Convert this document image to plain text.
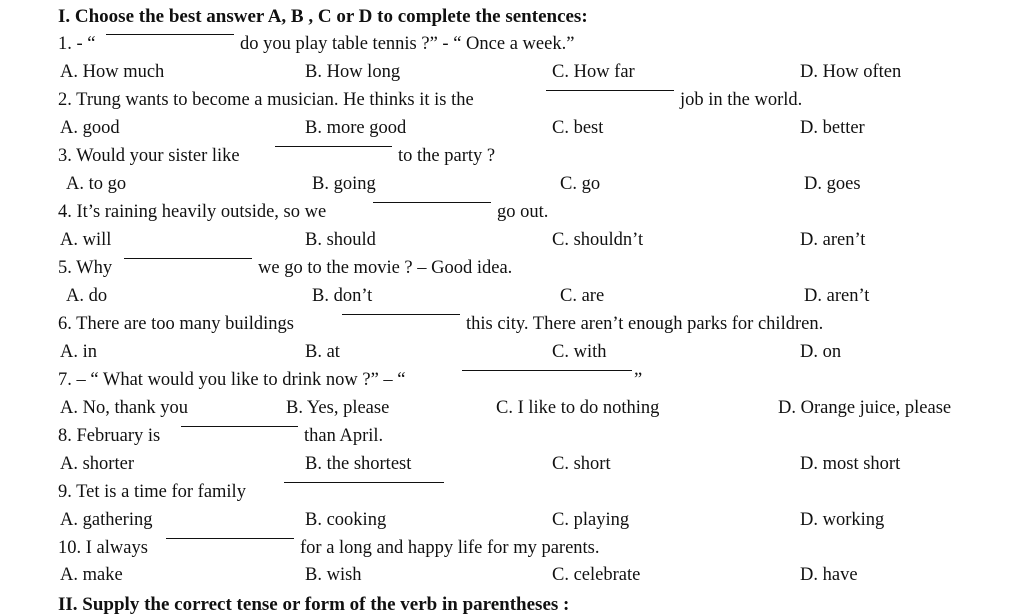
I. Choose the best answer A, B , C or D to complete the sentences:
1. - “	do you play table tennis ?” - “ Once a week.”
A. How much	B. How long	C. How far	D. How often
2. Trung wants to become a musician. He thinks it is the	job in the world.
A. good	B. more good	C. best	D. better
3. Would your sister like	to the party ?
A. to go	B. going	C. go	D. goes
4. It’s raining heavily outside, so we	go out.
A. will	B. should	C. shouldn’t	D. aren’t
5. Why	we go to the movie ? – Good idea.
A. do	B. don’t	C. are	D. aren’t
6. There are too many buildings	this city. There aren’t enough parks for children.
A. in	B. at	C. with	D. on
7. – “ What would you like to drink now ?” – “	”
A. No, thank you	B. Yes, please	C. I like to do nothing	D. Orange juice, please
8. February is	than April.
A. shorter	B. the shortest	C. short	D. most short
9. Tet is a time for family
A. gathering	B. cooking	C. playing	D. working
10. I always	for a long and happy life for my parents.
A. make	B. wish	C. celebrate	D. have
II. Supply the correct tense or form of the verb in parentheses :
